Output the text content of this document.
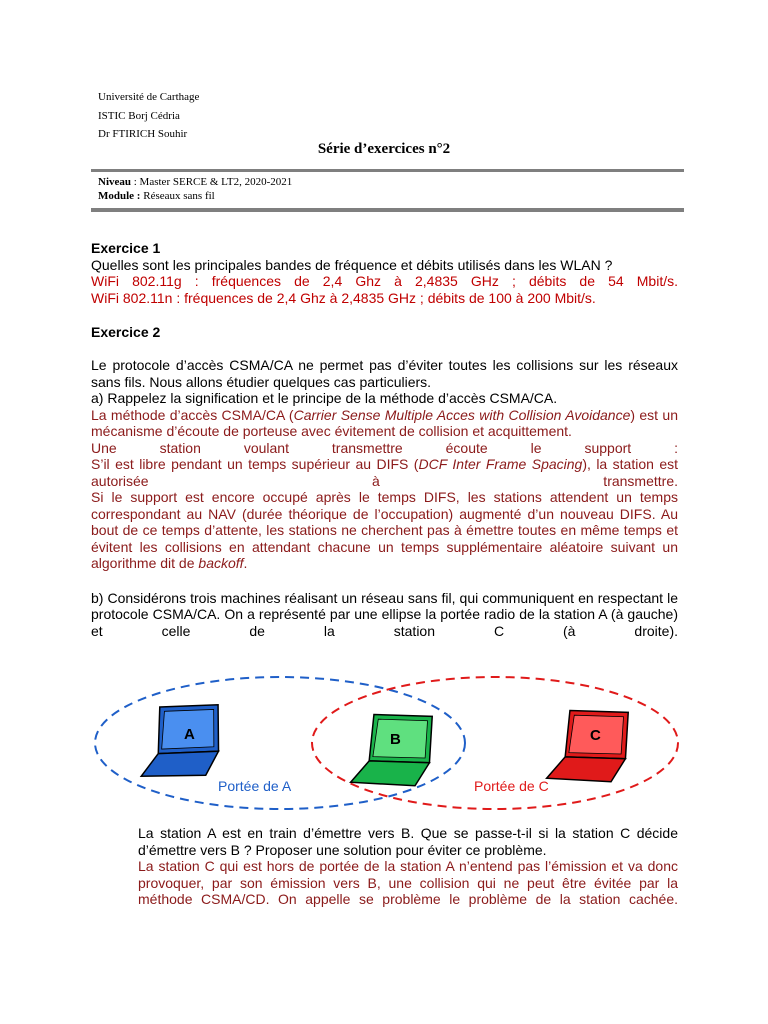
Université de Carthage
ISTIC Borj Cédria
Dr FTIRICH Souhir
Série d’exercices n°2
Niveau : Master SERCE & LT2, 2020-2021
Module : Réseaux sans fil

Exercice 1

Quelles sont les principales bandes de fréquence et débits utilisés dans les WLAN ?

WiFi 802.11g : fréquences de 2,4 Ghz à 2,4835 GHz ; débits de 54 Mbit/s.

WiFi 802.11n : fréquences de 2,4 Ghz à 2,4835 GHz ; débits de 100 à 200 Mbit/s.

Exercice 2

Le protocole d’accès CSMA/CA ne permet pas d’éviter toutes les collisions sur les réseaux sans fils. Nous allons étudier quelques cas particuliers.

a) Rappelez la signification et le principe de la méthode d’accès CSMA/CA.

La méthode d’accès CSMA/CA (Carrier Sense Multiple Acces with Collision Avoidance) est un mécanisme d’écoute de porteuse avec évitement de collision et acquittement.

Une station voulant transmettre écoute le support :

S’il est libre pendant un temps supérieur au DIFS (DCF Inter Frame Spacing), la station est autorisée à transmettre.

Si le support est encore occupé après le temps DIFS, les stations attendent un temps correspondant au NAV (durée théorique de l’occupation) augmenté d’un nouveau DIFS. Au bout de ce temps d’attente, les stations ne cherchent pas à émettre toutes en même temps et évitent les collisions en attendant chacune un temps supplémentaire aléatoire suivant un algorithme dit de backoff.

b) Considérons trois machines réalisant un réseau sans fil, qui communiquent en respectant le protocole CSMA/CA. On a représenté par une ellipse la portée radio de la station A (à gauche) et celle de la station C (à droite).

A	B	C
Portée de A	Portée de C

La station A est en train d’émettre vers B. Que se passe-t-il si la station C décide d’émettre vers B ? Proposer une solution pour éviter ce problème.

La station C qui est hors de portée de la station A n’entend pas l’émission et va donc provoquer, par son émission vers B, une collision qui ne peut être évitée par la méthode CSMA/CD. On appelle se problème le problème de la station cachée.
